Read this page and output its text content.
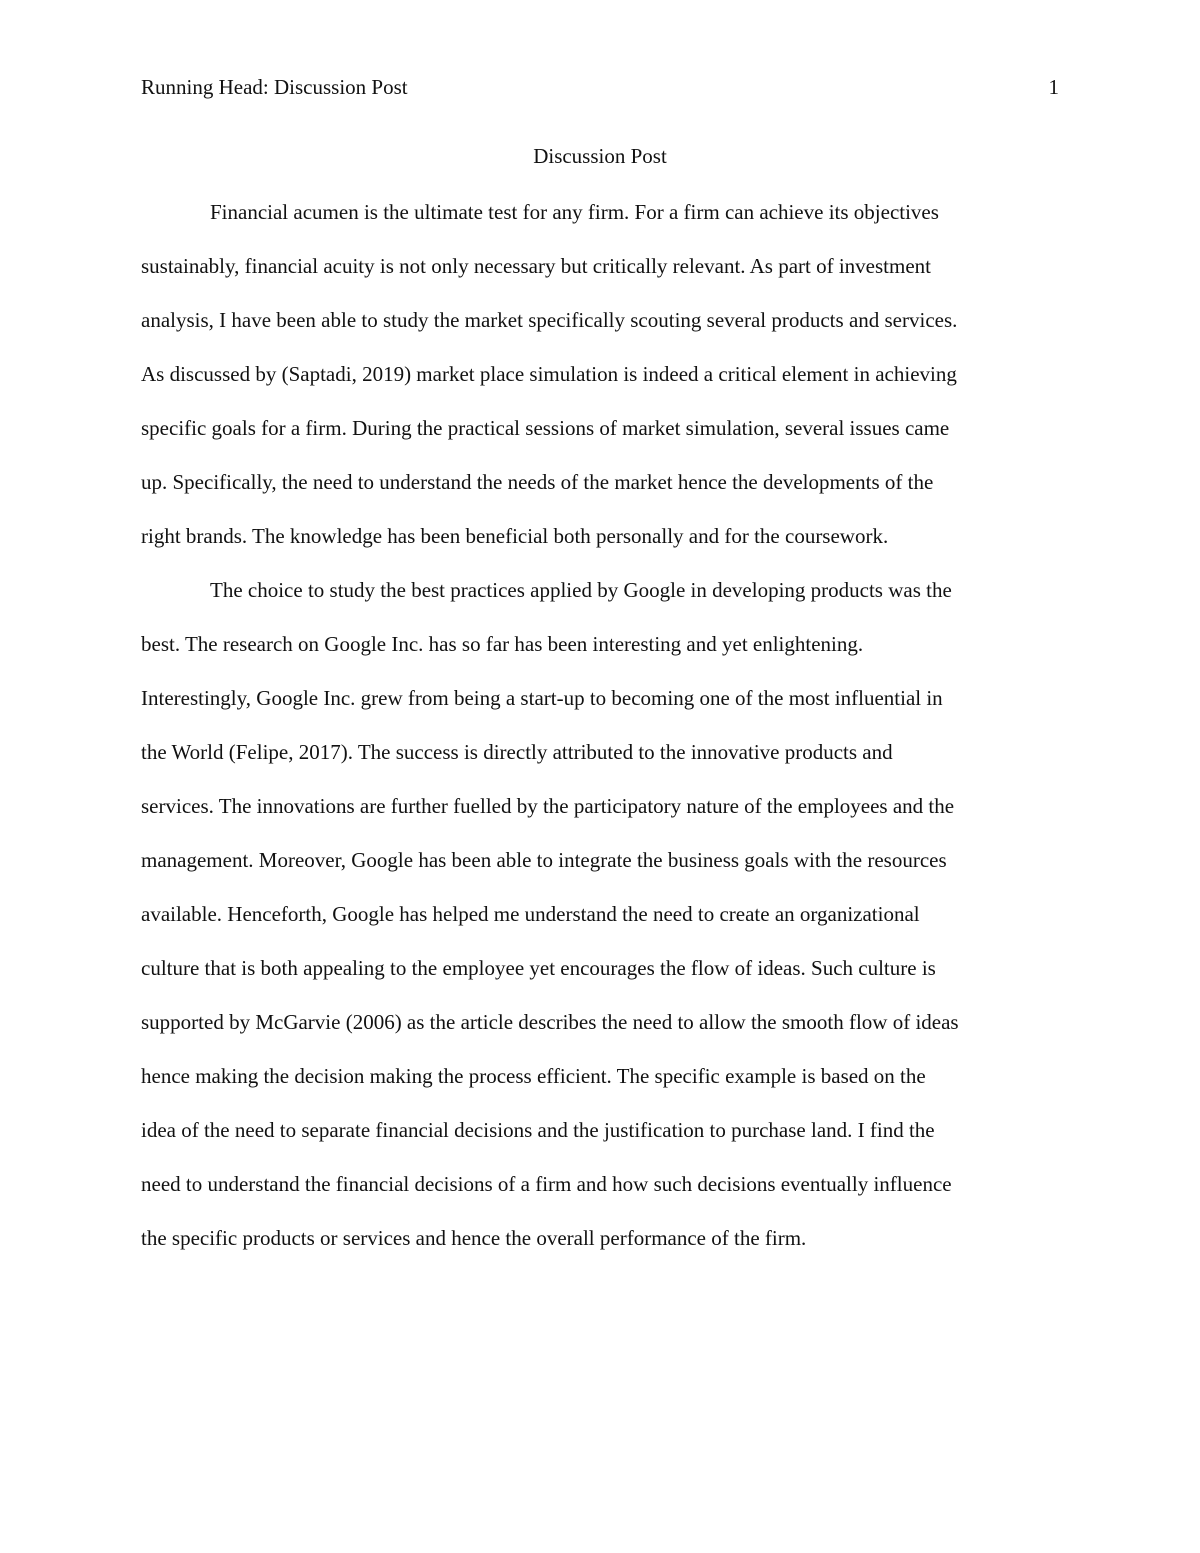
Running Head: Discussion Post	1
Discussion Post
Financial acumen is the ultimate test for any firm. For a firm can achieve its objectives
sustainably, financial acuity is not only necessary but critically relevant. As part of investment
analysis, I have been able to study the market specifically scouting several products and services.
As discussed by (Saptadi, 2019) market place simulation is indeed a critical element in achieving
specific goals for a firm. During the practical sessions of market simulation, several issues came
up. Specifically, the need to understand the needs of the market hence the developments of the
right brands. The knowledge has been beneficial both personally and for the coursework.
The choice to study the best practices applied by Google in developing products was the
best. The research on Google Inc. has so far has been interesting and yet enlightening.
Interestingly, Google Inc. grew from being a start-up to becoming one of the most influential in
the World (Felipe, 2017). The success is directly attributed to the innovative products and
services. The innovations are further fuelled by the participatory nature of the employees and the
management. Moreover, Google has been able to integrate the business goals with the resources
available. Henceforth, Google has helped me understand the need to create an organizational
culture that is both appealing to the employee yet encourages the flow of ideas. Such culture is
supported by McGarvie (2006) as the article describes the need to allow the smooth flow of ideas
hence making the decision making the process efficient. The specific example is based on the
idea of the need to separate financial decisions and the justification to purchase land. I find the
need to understand the financial decisions of a firm and how such decisions eventually influence
the specific products or services and hence the overall performance of the firm.
